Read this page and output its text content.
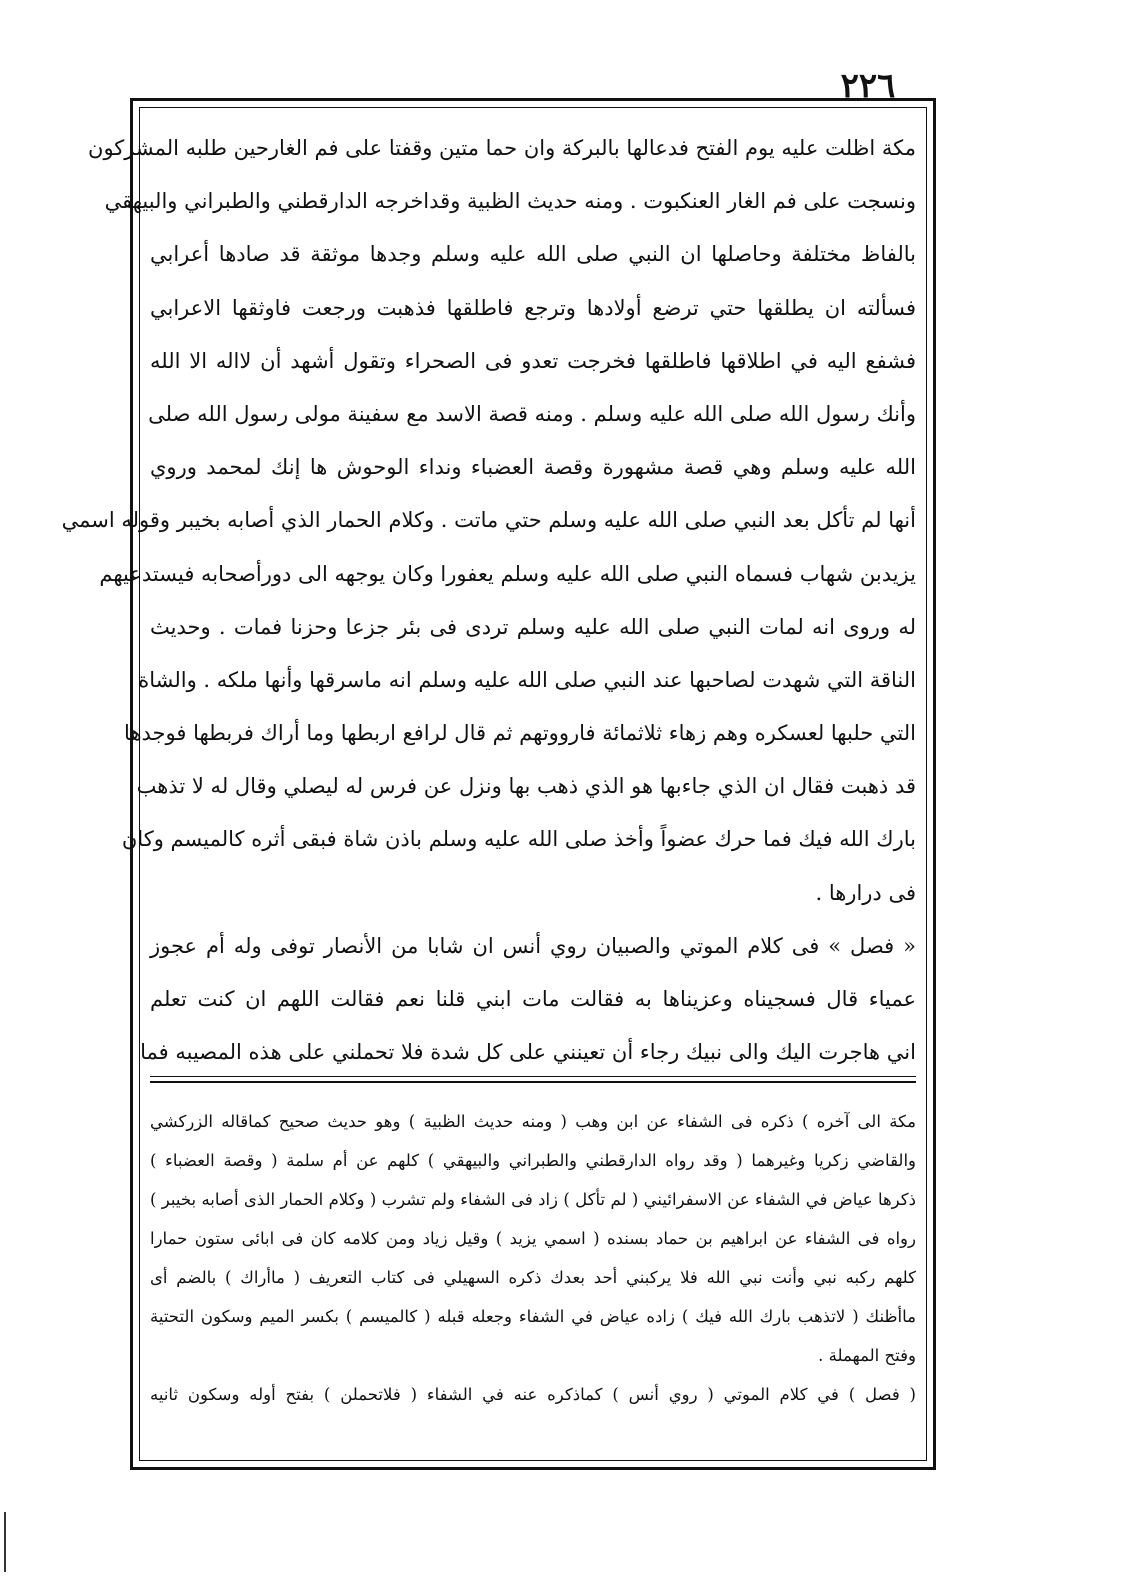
٢٢٦
مكة اظلت عليه يوم الفتح فدعالها بالبركة وان حما متين وقفتا على فم الغارحين طلبه المشركون
ونسجت على فم الغار العنكبوت . ومنه حديث الظبية وقداخرجه الدارقطني والطبراني والبيهقي
بالفاظ مختلفة وحاصلها ان النبي صلى الله عليه وسلم وجدها موثقة قد صادها أعرابي
فسألته ان يطلقها حتي ترضع أولادها وترجع فاطلقها فذهبت ورجعت فاوثقها الاعرابي
فشفع اليه في اطلاقها فاطلقها فخرجت تعدو فى الصحراء وتقول أشهد أن لااله الا الله
وأنك رسول الله صلى الله عليه وسلم . ومنه قصة الاسد مع سفينة مولى رسول الله صلى
الله عليه وسلم وهي قصة مشهورة وقصة العضباء ونداء الوحوش ها إنك لمحمد وروي
أنها لم تأكل بعد النبي صلى الله عليه وسلم حتي ماتت . وكلام الحمار الذي أصابه بخيبر وقوله اسمي
يزيدبن شهاب فسماه النبي صلى الله عليه وسلم يعفورا وكان يوجهه الى دورأصحابه فيستدعيهم
له وروى انه لمات النبي صلى الله عليه وسلم تردى فى بئر جزعا وحزنا فمات . وحديث
الناقة التي شهدت لصاحبها عند النبي صلى الله عليه وسلم انه ماسرقها وأنها ملكه . والشاة
التي حلبها لعسكره وهم زهاء ثلاثمائة فارووتهم ثم قال لرافع اربطها وما أراك فربطها فوجدها
قد ذهبت فقال ان الذي جاءبها هو الذي ذهب بها ونزل عن فرس له ليصلي وقال له لا تذهب
بارك الله فيك فما حرك عضواً وأخذ صلى الله عليه وسلم باذن شاة فبقى أثره كالميسم وكان
فى درارها .
« فصل » فى كلام الموتي والصبيان روي أنس ان شابا من الأنصار توفى وله أم عجوز
عمياء قال فسجيناه وعزيناها به فقالت مات ابني قلنا نعم فقالت اللهم ان كنت تعلم
اني هاجرت اليك والى نبيك رجاء أن تعينني على كل شدة فلا تحملني على هذه المصيبه فما
مكة الى آخره ) ذكره فى الشفاء عن ابن وهب ( ومنه حديث الظبية ) وهو حديث صحيح كماقاله الزركشي
والقاضي زكريا وغيرهما ( وقد رواه الدارقطني والطبراني والبيهقي ) كلهم عن أم سلمة ( وقصة العضباء )
ذكرها عياض في الشفاء عن الاسفرائيني ( لم تأكل ) زاد فى الشفاء ولم تشرب ( وكلام الحمار الذى أصابه بخيبر )
رواه فى الشفاء عن ابراهيم بن حماد بسنده ( اسمي يزيد ) وقيل زياد ومن كلامه كان فى ابائى ستون حمارا
كلهم ركبه نبي وأنت نبي الله فلا يركبني أحد بعدك ذكره السهيلي فى كتاب التعريف ( ماأراك ) بالضم أى
ماأظنك ( لاتذهب بارك الله فيك ) زاده عياض في الشفاء وجعله قبله ( كالميسم ) بكسر الميم وسكون التحتية
وفتح المهملة .
( فصل ) في كلام الموتي ( روي أنس ) كماذكره عنه في الشفاء ( فلاتحملن ) بفتح أوله وسكون ثانيه
